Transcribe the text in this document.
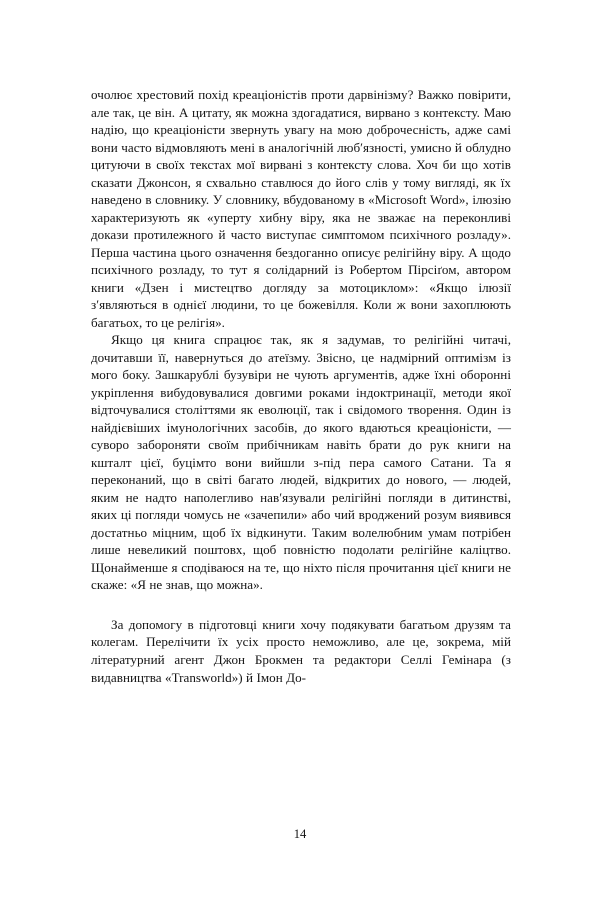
очолює хрестовий похід креаціоністів проти дарвінізму? Важко повірити, але так, це він. А цитату, як можна здогадатися, вирвано з контексту. Маю надію, що креаціоністи звернуть увагу на мою доброчесність, адже самі вони часто відмовляють мені в аналогічній люб′язності, умисно й облудно цитуючи в своїх текстах мої вирвані з контексту слова. Хоч би що хотів сказати Джонсон, я схвально ставлюся до його слів у тому вигляді, як їх наведено в словнику. У словнику, вбудованому в «Microsoft Word», ілюзію характеризують як «уперту хибну віру, яка не зважає на переконливі докази протилежного й часто виступає симптомом психічного розладу». Перша частина цього означення бездоганно описує релігійну віру. А щодо психічного розладу, то тут я солідарний із Робертом Пірсіґом, автором книги «Дзен і мистецтво догляду за мотоциклом»: «Якщо ілюзії з′являються в однієї людини, то це божевілля. Коли ж вони захоплюють багатьох, то це релігія».

Якщо ця книга спрацює так, як я задумав, то релігійні читачі, дочитавши її, навернуться до атеїзму. Звісно, це надмірний оптимізм із мого боку. Зашкарублі бузувіри не чують аргументів, адже їхні оборонні укріплення вибудовувалися довгими роками індоктринації, методи якої відточувалися століттями як еволюції, так і свідомого творення. Один із найдієвіших імунологічних засобів, до якого вдаються креаціоністи, — суворо забороняти своїм прибічникам навіть брати до рук книги на кшталт цієї, буцімто вони вийшли з-під пера самого Сатани. Та я переконаний, що в світі багато людей, відкритих до нового, — людей, яким не надто наполегливо нав′язували релігійні погляди в дитинстві, яких ці погляди чомусь не «зачепили» або чий вроджений розум виявився достатньо міцним, щоб їх відкинути. Таким волелюбним умам потрібен лише невеликий поштовх, щоб повністю подолати релігійне каліцтво. Щонайменше я сподіваюся на те, що ніхто після прочитання цієї книги не скаже: «Я не знав, що можна».

За допомогу в підготовці книги хочу подякувати багатьом друзям та колегам. Перелічити їх усіх просто неможливо, але це, зокрема, мій літературний агент Джон Брокмен та редактори Селлі Гемінара (з видавництва «Transworld») й Імон До-

14
